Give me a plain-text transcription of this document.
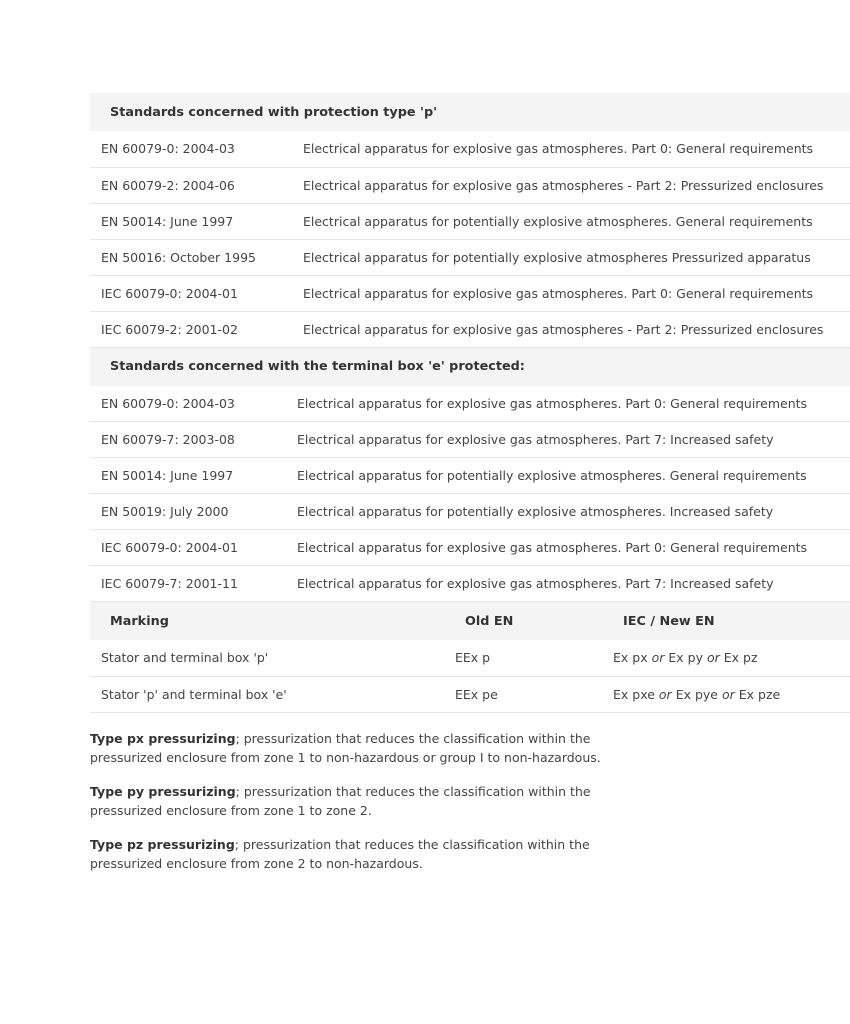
Standards concerned with protection type 'p'	
EN 60079-0: 2004-03	Electrical apparatus for explosive gas atmospheres. Part 0: General requirements
EN 60079-2: 2004-06	Electrical apparatus for explosive gas atmospheres - Part 2: Pressurized enclosures
EN 50014: June 1997	Electrical apparatus for potentially explosive atmospheres. General requirements
EN 50016: October 1995	Electrical apparatus for potentially explosive atmospheres Pressurized apparatus
IEC 60079-0: 2004-01	Electrical apparatus for explosive gas atmospheres. Part 0: General requirements
IEC 60079-2: 2001-02	Electrical apparatus for explosive gas atmospheres - Part 2: Pressurized enclosures
Standards concerned with the terminal box 'e' protected:	
EN 60079-0: 2004-03	Electrical apparatus for explosive gas atmospheres. Part 0: General requirements
EN 60079-7: 2003-08	Electrical apparatus for explosive gas atmospheres. Part 7: Increased safety
EN 50014: June 1997	Electrical apparatus for potentially explosive atmospheres. General requirements
EN 50019: July 2000	Electrical apparatus for potentially explosive atmospheres. Increased safety
IEC 60079-0: 2004-01	Electrical apparatus for explosive gas atmospheres. Part 0: General requirements
IEC 60079-7: 2001-11	Electrical apparatus for explosive gas atmospheres. Part 7: Increased safety
Marking	Old EN	IEC / New EN
Stator and terminal box 'p'	EEx p	Ex px or Ex py or Ex pz
Stator 'p' and terminal box 'e'	EEx pe	Ex pxe or Ex pye or Ex pze

Type px pressurizing; pressurization that reduces the classification within the pressurized enclosure from zone 1 to non-hazardous or group I to non-hazardous.

Type py pressurizing; pressurization that reduces the classification within the pressurized enclosure from zone 1 to zone 2.

Type pz pressurizing; pressurization that reduces the classification within the pressurized enclosure from zone 2 to non-hazardous.
